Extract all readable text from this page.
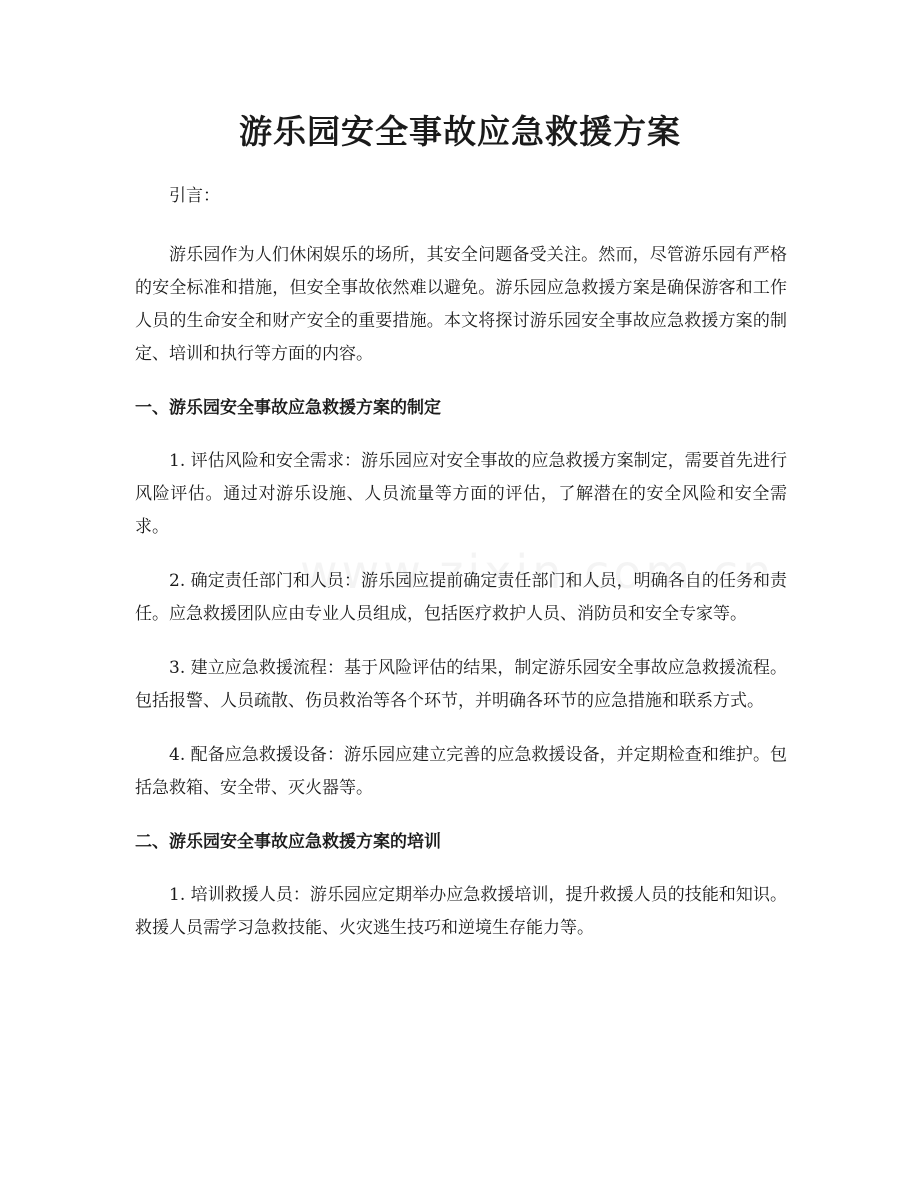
游乐园安全事故应急救援方案

引言：

游乐园作为人们休闲娱乐的场所，其安全问题备受关注。然而，尽管游乐园有严格的安全标准和措施，但安全事故依然难以避免。游乐园应急救援方案是确保游客和工作人员的生命安全和财产安全的重要措施。本文将探讨游乐园安全事故应急救援方案的制定、培训和执行等方面的内容。

一、游乐园安全事故应急救援方案的制定

1. 评估风险和安全需求：游乐园应对安全事故的应急救援方案制定，需要首先进行风险评估。通过对游乐设施、人员流量等方面的评估，了解潜在的安全风险和安全需求。

2. 确定责任部门和人员：游乐园应提前确定责任部门和人员，明确各自的任务和责任。应急救援团队应由专业人员组成，包括医疗救护人员、消防员和安全专家等。

3. 建立应急救援流程：基于风险评估的结果，制定游乐园安全事故应急救援流程。包括报警、人员疏散、伤员救治等各个环节，并明确各环节的应急措施和联系方式。

4. 配备应急救援设备：游乐园应建立完善的应急救援设备，并定期检查和维护。包括急救箱、安全带、灭火器等。

二、游乐园安全事故应急救援方案的培训

1. 培训救援人员：游乐园应定期举办应急救援培训，提升救援人员的技能和知识。救援人员需学习急救技能、火灾逃生技巧和逆境生存能力等。
